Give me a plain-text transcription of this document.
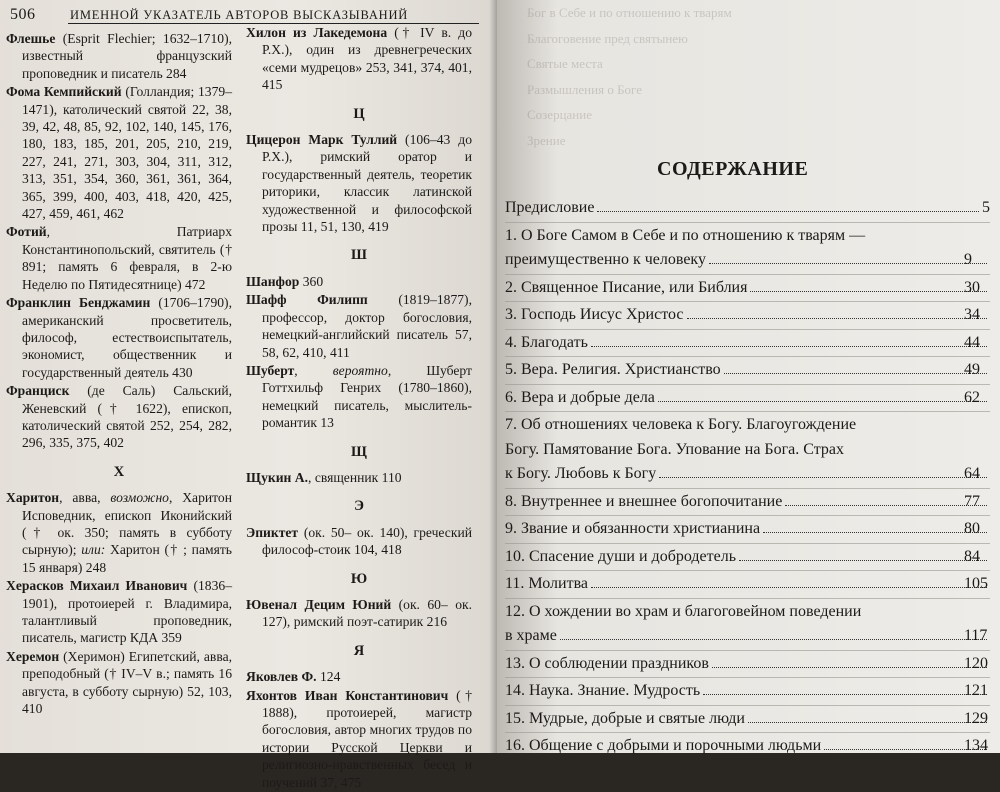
506	ИМЕННОЙ УКАЗАТЕЛЬ АВТОРОВ ВЫСКАЗЫВАНИЙ
Флешье (Esprit Flechier; 1632–1710), известный французский проповедник и писатель 284
Фома Кемпийский (Голландия; 1379–1471), католический святой 22, 38, 39, 42, 48, 85, 92, 102, 140, 145, 176, 180, 183, 185, 201, 205, 210, 219, 227, 241, 271, 303, 304, 311, 312, 313, 351, 354, 360, 361, 361, 364, 365, 399, 400, 403, 418, 420, 425, 427, 459, 461, 462
Фотий, Патриарх Константинопольский, святитель († 891; память 6 февраля, в 2-ю Неделю по Пятидесятнице) 472
Франклин Бенджамин (1706–1790), американский просветитель, философ, естествоиспытатель, экономист, общественник и государственный деятель 430
Франциск (де Саль) Сальский, Женевский († 1622), епископ, католический святой 252, 254, 282, 296, 335, 375, 402
Х
Харитон, авва, возможно, Харитон Исповедник, епископ Иконийский († ок. 350; память в субботу сырную); или: Харитон († ; память 15 января) 248
Херасков Михаил Иванович (1836–1901), протоиерей г. Владимира, талантливый проповедник, писатель, магистр КДА 359
Херемон (Херимон) Египетский, авва, преподобный († IV–V в.; память 16 августа, в субботу сырную) 52, 103, 410
Хилон из Лакедемона († IV в. до Р.Х.), один из древнегреческих «семи мудрецов» 253, 341, 374, 401, 415
Ц
Цицерон Марк Туллий (106–43 до Р.Х.), римский оратор и государственный деятель, теоретик риторики, классик латинской художественной и философской прозы 11, 51, 130, 419
Ш
Шанфор 360
Шафф Филипп (1819–1877), профессор, доктор богословия, немецкий-английский писатель 57, 58, 62, 410, 411
Шуберт, вероятно, Шуберт Готтхильф Генрих (1780–1860), немецкий писатель, мыслитель-романтик 13
Щ
Щукин А., священник 110
Э
Эпиктет (ок. 50– ок. 140), греческий философ-стоик 104, 418
Ю
Ювенал Децим Юний (ок. 60– ок. 127), римский поэт-сатирик 216
Я
Яковлев Ф. 124
Яхонтов Иван Константинович († 1888), протоиерей, магистр богословия, автор многих трудов по истории Русской Церкви и религиозно-нравственных бесед и поучений 37, 475
Бог в Себе и по отношению к тварям
Благоговение пред святынею
Святые места
Размышления о Боге
Созерцание
Зрение
СОДЕРЖАНИЕ
Предисловие	5
1. О Боге Самом в Себе и по отношению к тварям —
преимущественно к человеку	9
2. Священное Писание, или Библия	30
3. Господь Иисус Христос	34
4. Благодать	44
5. Вера. Религия. Христианство	49
6. Вера и добрые дела	62
7. Об отношениях человека к Богу. Благоугождение
Богу. Памятование Бога. Упование на Бога. Страх
к Богу. Любовь к Богу	64
8. Внутреннее и внешнее богопочитание	77
9. Звание и обязанности христианина	80
10. Спасение души и добродетель	84
11. Молитва	105
12. О хождении во храм и благоговейном поведении
в храме	117
13. О соблюдении праздников	120
14. Наука. Знание. Мудрость	121
15. Мудрые, добрые и святые люди	129
16. Общение с добрыми и порочными людьми	134
